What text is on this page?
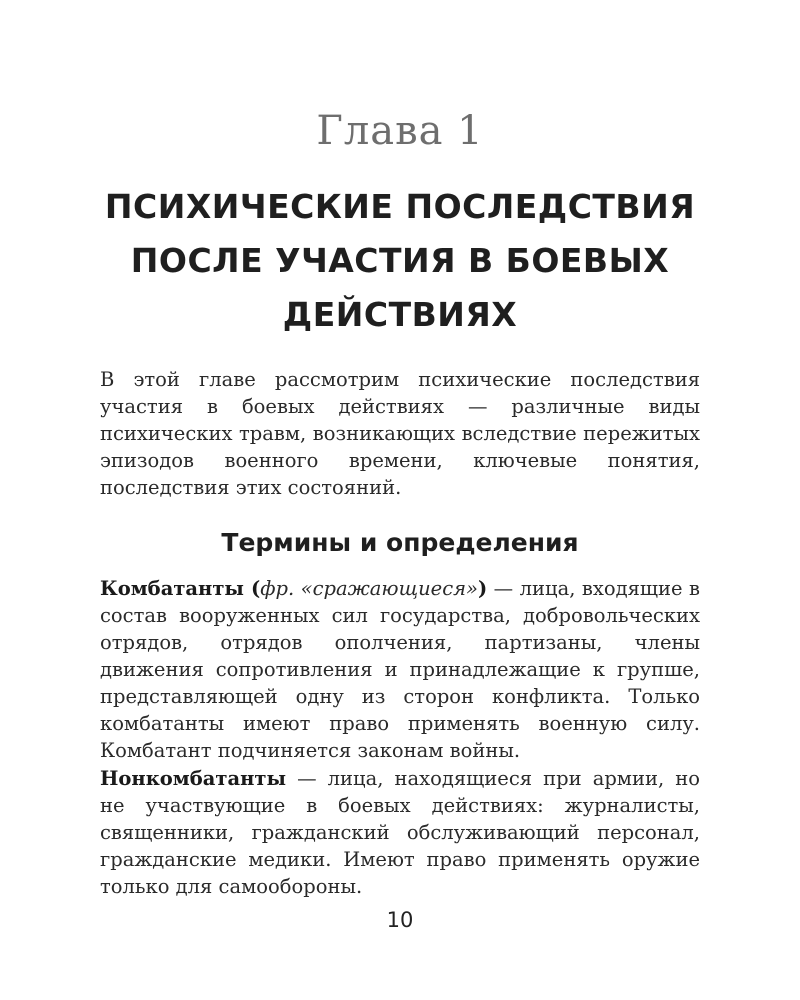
Глава 1
ПСИХИЧЕСКИЕ ПОСЛЕДСТВИЯ
ПОСЛЕ УЧАСТИЯ В БОЕВЫХ
ДЕЙСТВИЯХ

В этой главе рассмотрим психические последствия участия в боевых действиях — различные виды психических травм, возникающих вследствие пережитых эпизодов военного времени, ключевые понятия, последствия этих состояний.

Термины и определения

Комбатанты (фр. «сражающиеся») — лица, входящие в состав вооруженных сил государства, добровольческих отрядов, отрядов ополчения, партизаны, члены движения сопротивления и принадлежащие к групше, представляющей одну из сторон конфликта. Только комбатанты имеют право применять военную силу. Комбатант подчиняется законам войны.

Нонкомбатанты — лица, находящиеся при армии, но не участвующие в боевых действиях: журналисты, священники, гражданский обслуживающий персонал, гражданские медики. Имеют право применять оружие только для самообороны.

10
